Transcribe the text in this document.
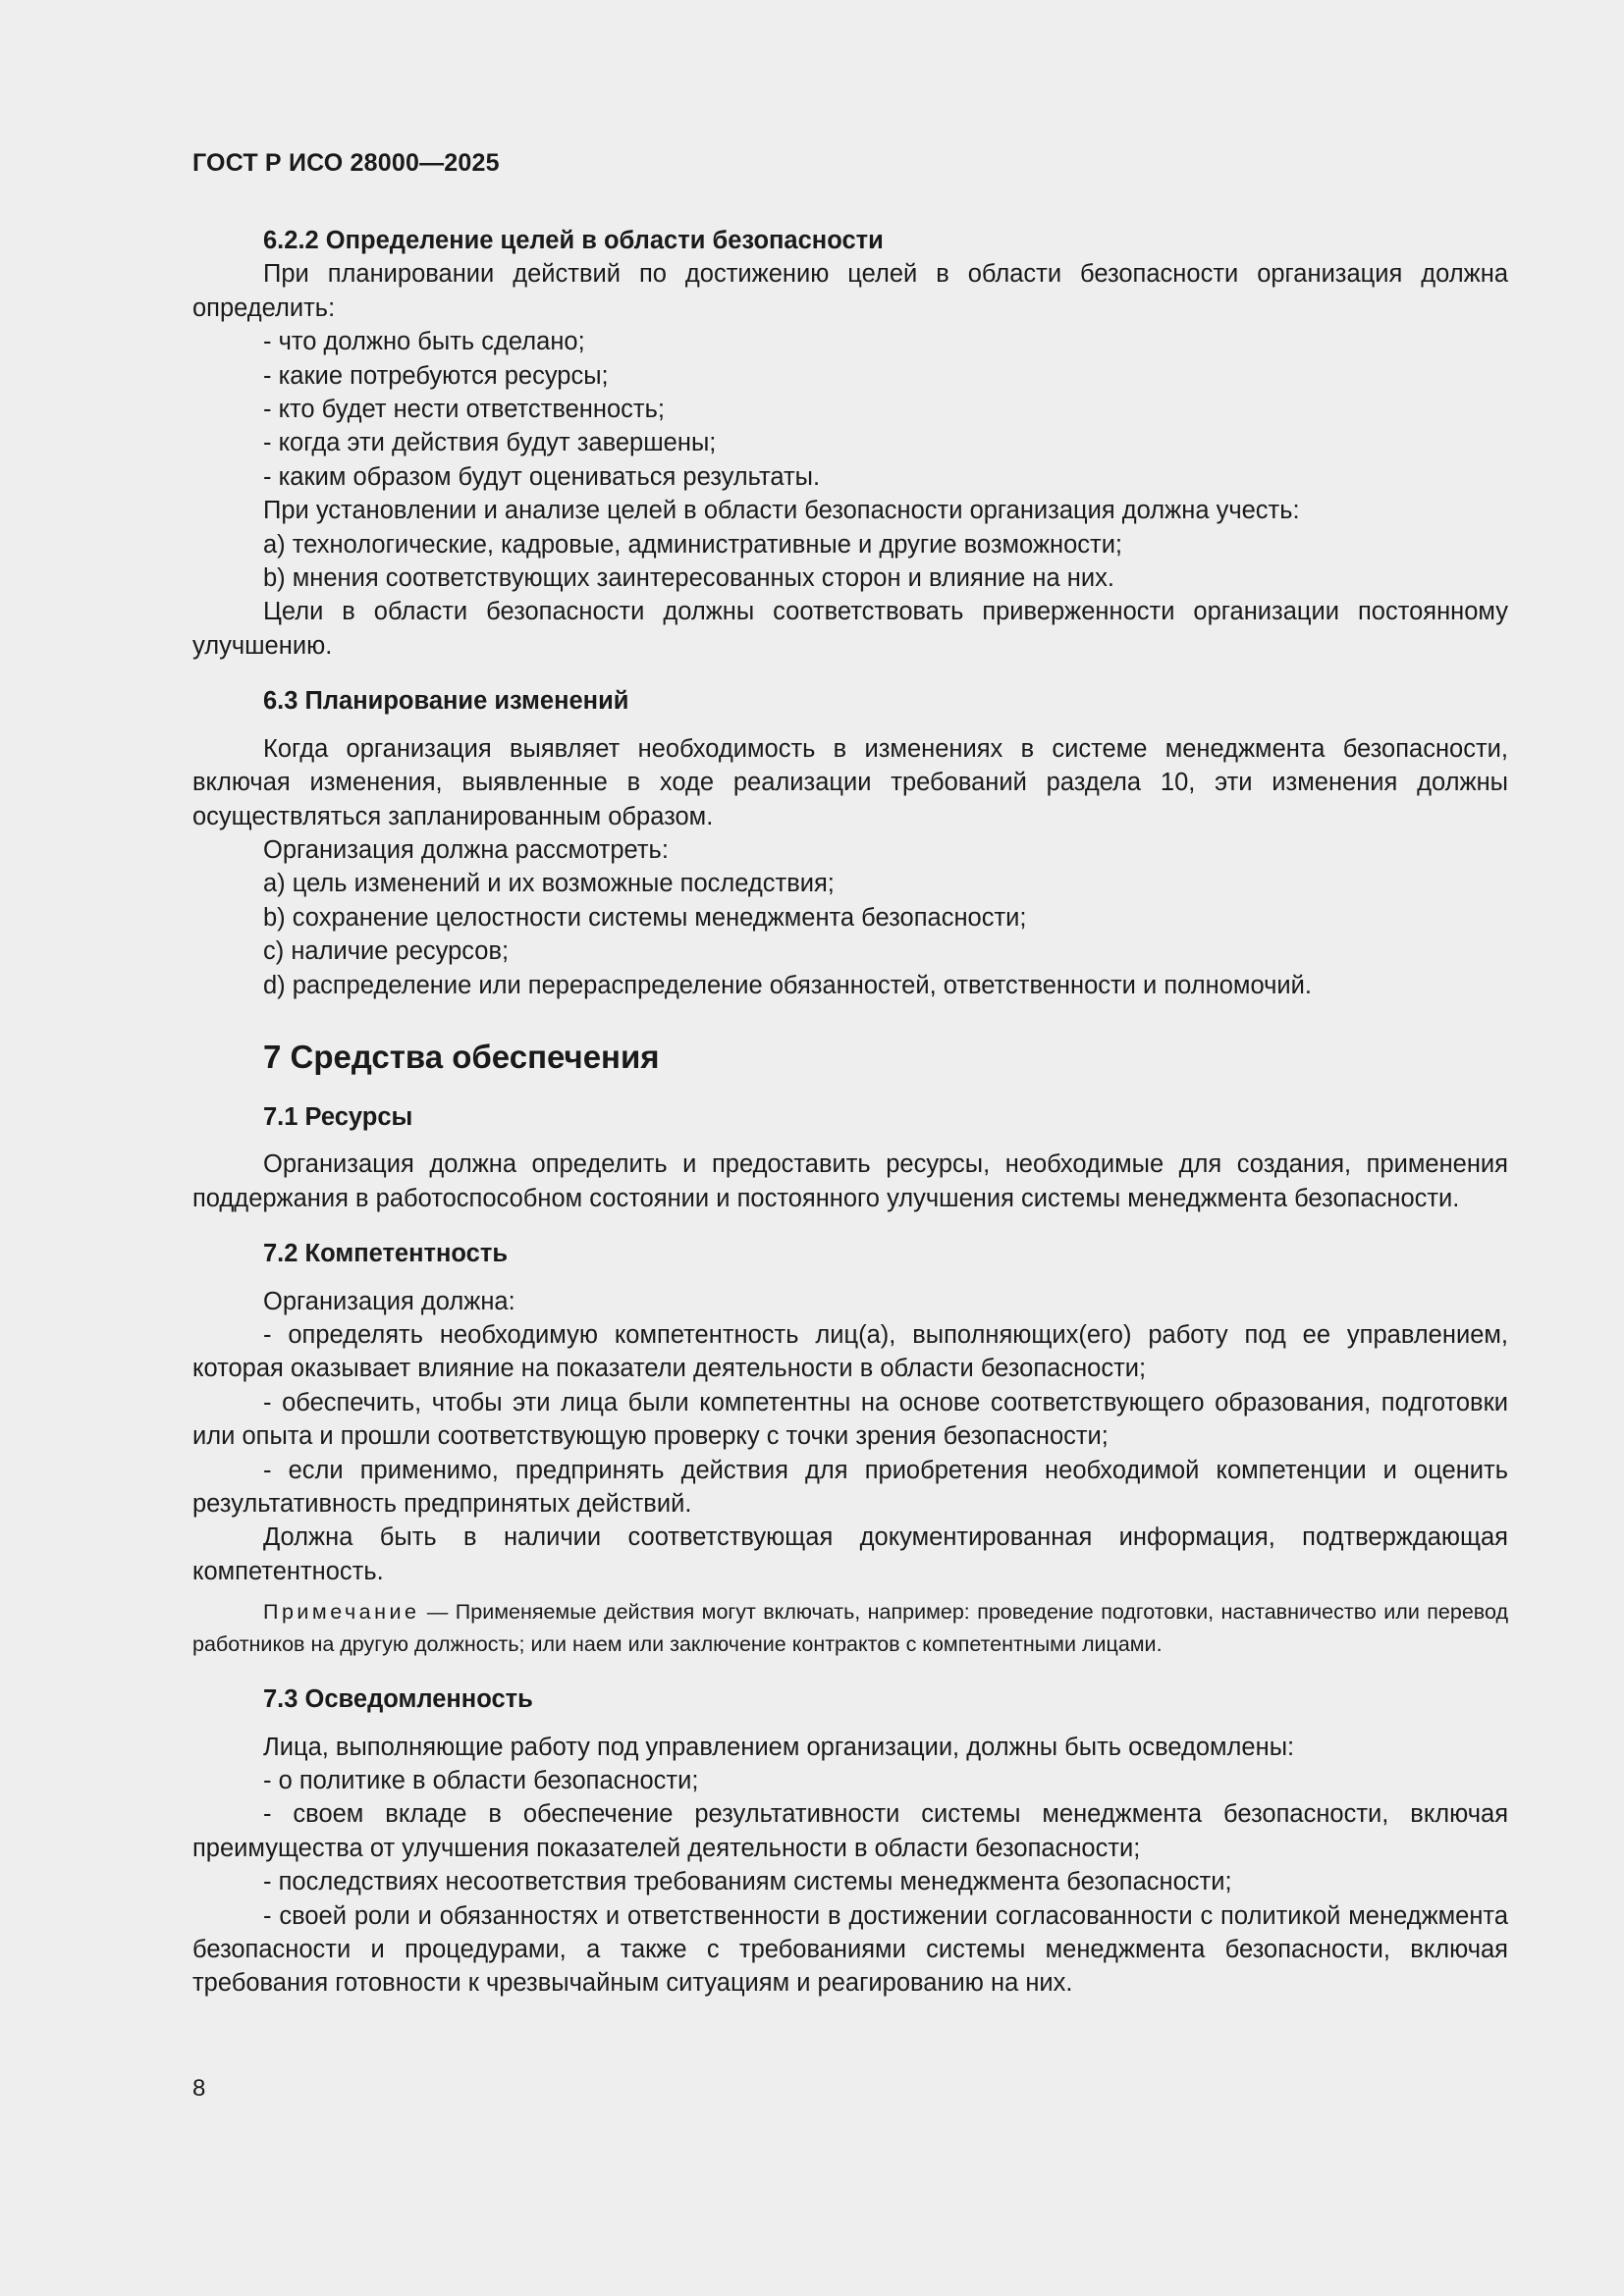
ГОСТ Р ИСО 28000—2025
6.2.2 Определение целей в области безопасности

При планировании действий по достижению целей в области безопасности организация должна определить:

- что должно быть сделано;
- какие потребуются ресурсы;
- кто будет нести ответственность;
- когда эти действия будут завершены;
- каким образом будут оцениваться результаты.

При установлении и анализе целей в области безопасности организация должна учесть:

a) технологические, кадровые, административные и другие возможности;
b) мнения соответствующих заинтересованных сторон и влияние на них.

Цели в области безопасности должны соответствовать приверженности организации постоянному улучшению.

6.3 Планирование изменений

Когда организация выявляет необходимость в изменениях в системе менеджмента безопасности, включая изменения, выявленные в ходе реализации требований раздела 10, эти изменения должны осуществляться запланированным образом.

Организация должна рассмотреть:

a) цель изменений и их возможные последствия;
b) сохранение целостности системы менеджмента безопасности;
c) наличие ресурсов;
d) распределение или перераспределение обязанностей, ответственности и полномочий.
7 Средства обеспечения
7.1 Ресурсы

Организация должна определить и предоставить ресурсы, необходимые для создания, применения поддержания в работоспособном состоянии и постоянного улучшения системы менеджмента безопасности.

7.2 Компетентность

Организация должна:

- определять необходимую компетентность лиц(а), выполняющих(его) работу под ее управлением, которая оказывает влияние на показатели деятельности в области безопасности;

- обеспечить, чтобы эти лица были компетентны на основе соответствующего образования, подготовки или опыта и прошли соответствующую проверку с точки зрения безопасности;

- если применимо, предпринять действия для приобретения необходимой компетенции и оценить результативность предпринятых действий.

Должна быть в наличии соответствующая документированная информация, подтверждающая компетентность.

Примечание — Применяемые действия могут включать, например: проведение подготовки, наставничество или перевод работников на другую должность; или наем или заключение контрактов с компетентными лицами.
7.3 Осведомленность

Лица, выполняющие работу под управлением организации, должны быть осведомлены:

- о политике в области безопасности;

- своем вкладе в обеспечение результативности системы менеджмента безопасности, включая преимущества от улучшения показателей деятельности в области безопасности;

- последствиях несоответствия требованиям системы менеджмента безопасности;

- своей роли и обязанностях и ответственности в достижении согласованности с политикой менеджмента безопасности и процедурами, а также с требованиями системы менеджмента безопасности, включая требования готовности к чрезвычайным ситуациям и реагированию на них.

8
